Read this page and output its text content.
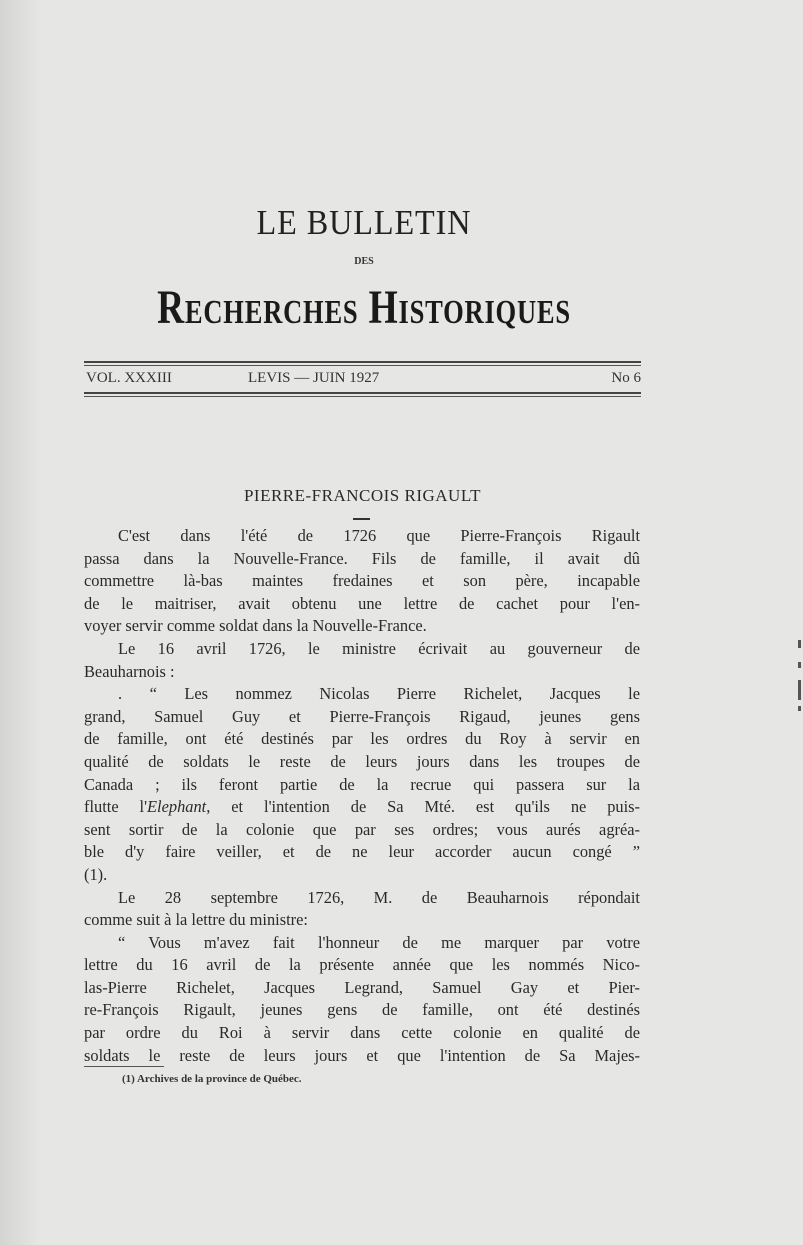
LE BULLETIN
DES
Recherches Historiques
VOL. XXXIII	LEVIS — JUIN 1927	No 6
PIERRE-FRANCOIS RIGAULT
C'est dans l'été de 1726 que Pierre-François Rigault
passa dans la Nouvelle-France. Fils de famille, il avait dû
commettre là-bas maintes fredaines et son père, incapable
de le maitriser, avait obtenu une lettre de cachet pour l'en-
voyer servir comme soldat dans la Nouvelle-France.
Le 16 avril 1726, le ministre écrivait au gouverneur de
Beauharnois :
. “ Les nommez Nicolas Pierre Richelet, Jacques le
grand, Samuel Guy et Pierre-François Rigaud, jeunes gens
de famille, ont été destinés par les ordres du Roy à servir en
qualité de soldats le reste de leurs jours dans les troupes de
Canada ; ils feront partie de la recrue qui passera sur la
flutte l'Elephant, et l'intention de Sa Mté. est qu'ils ne puis-
sent sortir de la colonie que par ses ordres; vous aurés agréa-
ble d'y faire veiller, et de ne leur accorder aucun congé ”
(1).
Le 28 septembre 1726, M. de Beauharnois répondait
comme suit à la lettre du ministre:
“ Vous m'avez fait l'honneur de me marquer par votre
lettre du 16 avril de la présente année que les nommés Nico-
las-Pierre Richelet, Jacques Legrand, Samuel Gay et Pier-
re-François Rigault, jeunes gens de famille, ont été destinés
par ordre du Roi à servir dans cette colonie en qualité de
soldats le reste de leurs jours et que l'intention de Sa Majes-
(1) Archives de la province de Québec.
